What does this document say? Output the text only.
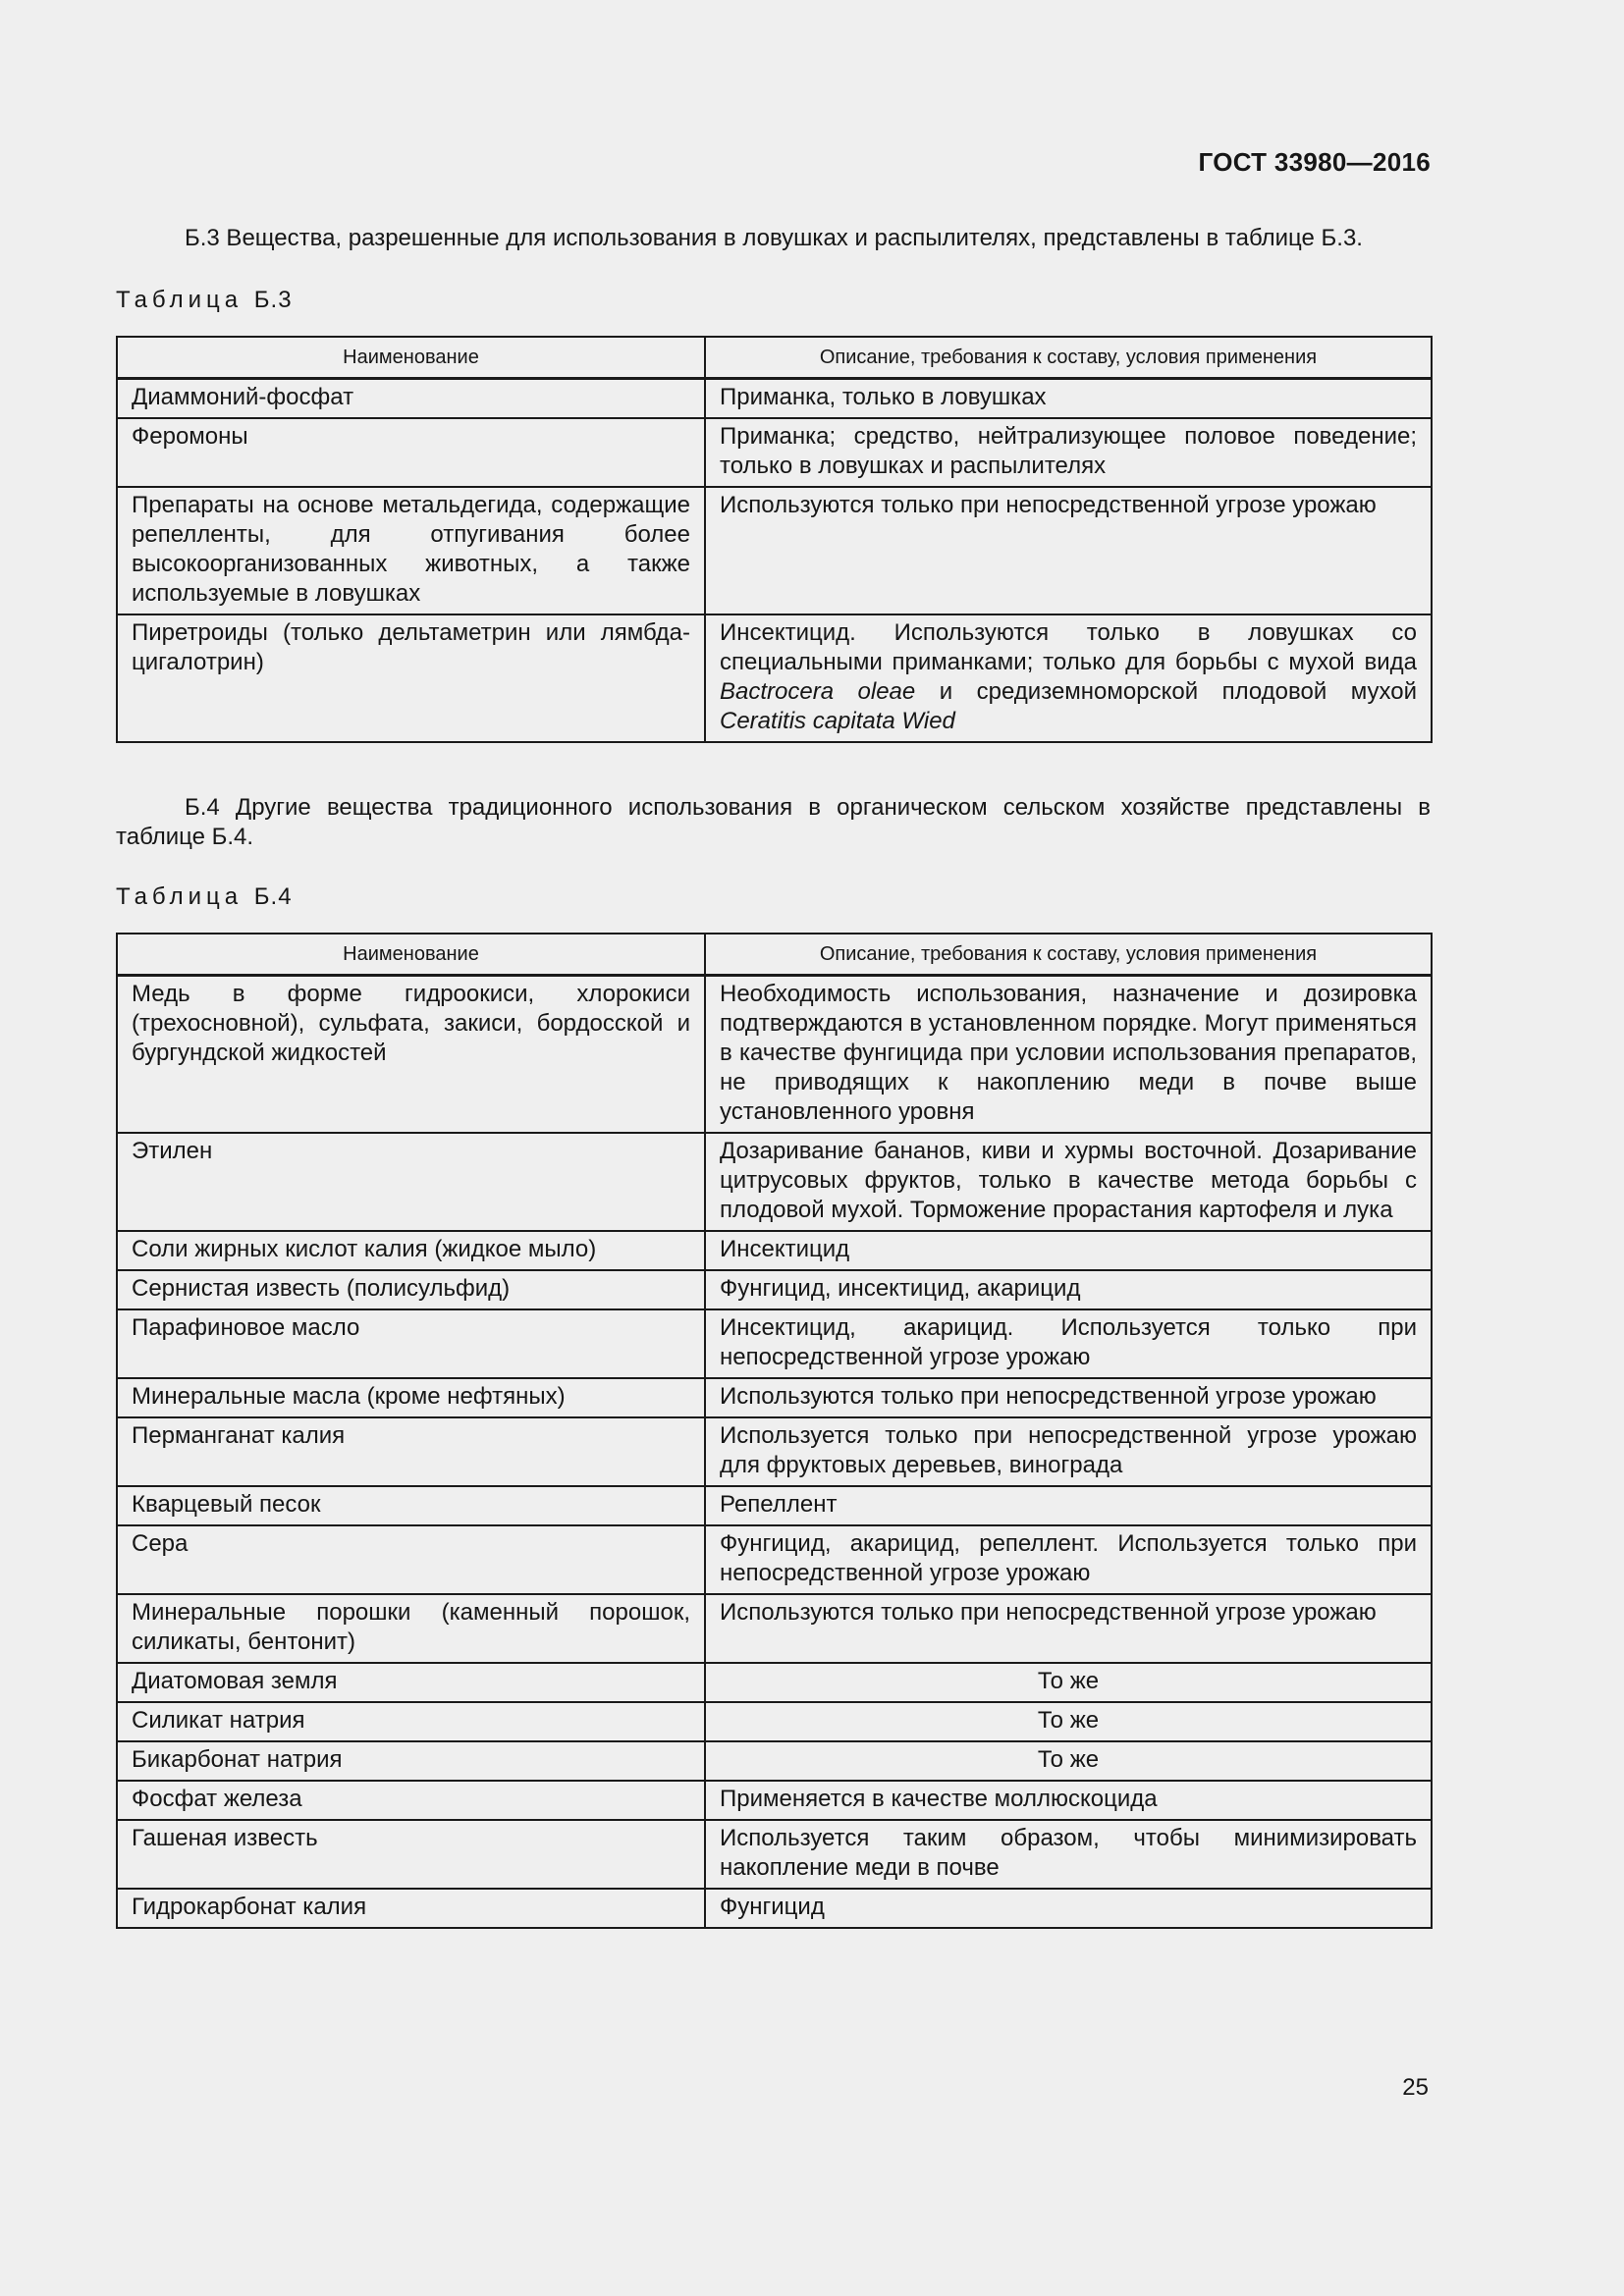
ГОСТ 33980—2016

Б.3 Вещества, разрешенные для использования в ловушках и распылителях, представлены в таблице Б.3.

Таблица Б.3
Наименование	Описание, требования к составу, условия применения
Диаммоний-фосфат	Приманка, только в ловушках
Феромоны	Приманка; средство, нейтрализующее половое поведение; только в ловушках и распылителях
Препараты на основе метальдегида, содержащие репелленты, для отпугивания более высокоорганизованных животных, а также используемые в ловушках	Используются только при непосредственной угрозе урожаю
Пиретроиды (только дельтаметрин или лямбда-цигалотрин)	Инсектицид. Используются только в ловушках со специальными приманками; только для борьбы с мухой вида Bactrocera oleae и средиземноморской плодовой мухой Ceratitis capitata Wied

Б.4 Другие вещества традиционного использования в органическом сельском хозяйстве представлены в таблице Б.4.

Таблица Б.4
Наименование	Описание, требования к составу, условия применения
Медь в форме гидроокиси, хлорокиси (трехосновной), сульфата, закиси, бордосской и бургундской жидкостей	Необходимость использования, назначение и дозировка подтверждаются в установленном порядке. Могут применяться в качестве фунгицида при условии использования препаратов, не приводящих к накоплению меди в почве выше установленного уровня
Этилен	Дозаривание бананов, киви и хурмы восточной. Дозаривание цитрусовых фруктов, только в качестве метода борьбы с плодовой мухой. Торможение прорастания картофеля и лука
Соли жирных кислот калия (жидкое мыло)	Инсектицид
Сернистая известь (полисульфид)	Фунгицид, инсектицид, акарицид
Парафиновое масло	Инсектицид, акарицид. Используется только при непосредственной угрозе урожаю
Минеральные масла (кроме нефтяных)	Используются только при непосредственной угрозе урожаю
Перманганат калия	Используется только при непосредственной угрозе урожаю для фруктовых деревьев, винограда
Кварцевый песок	Репеллент
Сера	Фунгицид, акарицид, репеллент. Используется только при непосредственной угрозе урожаю
Минеральные порошки (каменный порошок, силикаты, бентонит)	Используются только при непосредственной угрозе урожаю
Диатомовая земля	То же
Силикат натрия	То же
Бикарбонат натрия	То же
Фосфат железа	Применяется в качестве моллюскоцида
Гашеная известь	Используется таким образом, чтобы минимизировать накопление меди в почве
Гидрокарбонат калия	Фунгицид
25
